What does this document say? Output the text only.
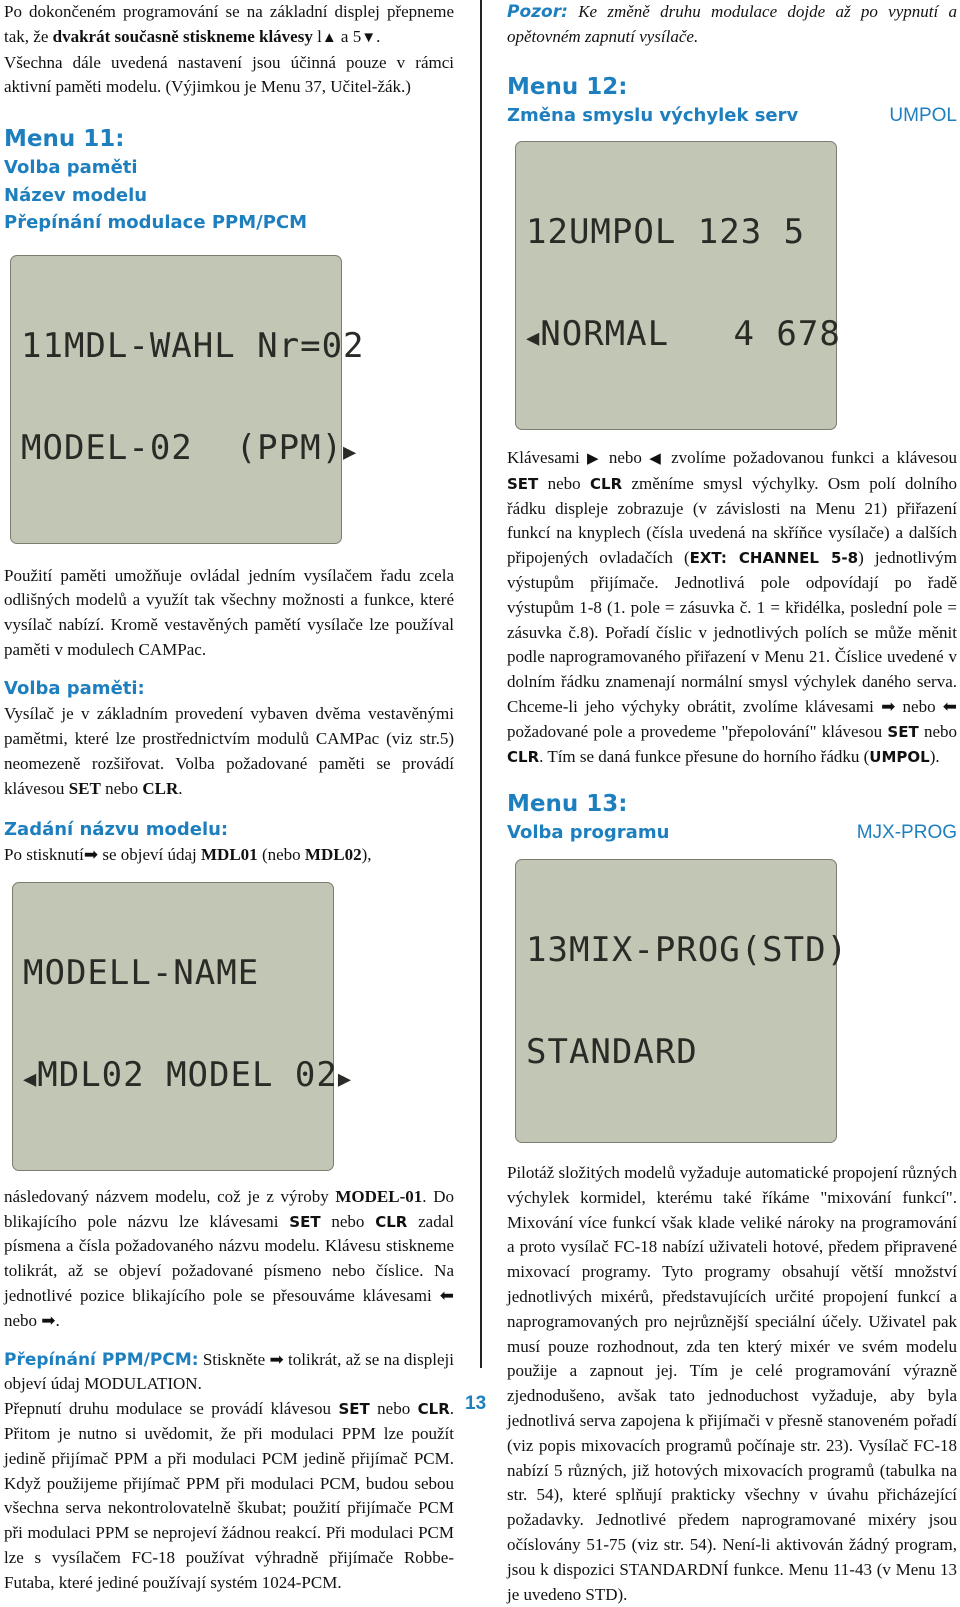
Po dokončeném programování se na základní displej přepneme tak, že dvakrát současně stiskneme klávesy l▲ a 5▼.

Všechna dále uvedená nastavení jsou účinná pouze v rámci aktivní paměti modelu. (Výjimkou je Menu 37, Učitel-žák.)

Menu 11:
Volba paměti
Název modelu
Přepínání modulace PPM/PCM

11MDL-WAHL Nr=02

MODEL-02  (PPM)▶

Použití paměti umožňuje ovládal jedním vysílačem řadu zcela odlišných modelů a využít tak všechny možnosti a funkce, které vysílač nabízí. Kromě vestavěných pamětí vysílače lze používal paměti v modulech CAMPac.

Volba paměti:

Vysílač je v základním provedení vybaven dvěma vestavěnými pamětmi, které lze prostřednictvím modulů CAMPac (viz str.5) neomezeně rozšiřovat. Volba požadované paměti se provádí klávesou SET nebo CLR.

Zadání názvu modelu:

Po stisknutí➡ se objeví údaj MDL01 (nebo MDL02),

MODELL-NAME

◀MDL02 MODEL 02▶

následovaný názvem modelu, což je z výroby MODEL-01. Do blikajícího pole názvu lze klávesami SET nebo CLR zadal písmena a čísla požadovaného názvu modelu. Klávesu stiskneme tolikrát, až se objeví požadované písmeno nebo číslice. Na jednotlivé pozice blikajícího pole se přesouváme klávesami ⬅ nebo ➡.

Přepínání PPM/PCM: Stiskněte ➡ tolikrát, až se na displeji objeví údaj MODULATION.

Přepnutí druhu modulace se provádí klávesou SET nebo CLR. Přitom je nutno si uvědomit, že při modulaci PPM lze použít jedině přijímač PPM a při modulaci PCM jedině přijímač PCM. Když použijeme přijímač PPM při modulaci PCM, budou sebou všechna serva nekontrolovatelně škubat; použití přijímače PCM při modulaci PPM se neprojeví žádnou reakcí. Při modulaci PCM lze s vysílačem FC-18 používat výhradně přijímače Robbe-Futaba, které jediné používají systém 1024-PCM.

Pozor: Ke změně druhu modulace dojde až po vypnutí a opětovném zapnutí vysílače.

Menu 12:
Změna smyslu výchylek serv	UMPOL

12UMPOL 123 5

◀NORMAL   4 678

Klávesami ▶ nebo ◀ zvolíme požadovanou funkci a klávesou SET nebo CLR změníme smysl výchylky. Osm polí dolního řádku displeje zobrazuje (v závislosti na Menu 21) přiřazení funkcí na knyplech (čísla uvedená na skříňce vysílače) a dalších připojených ovladačích (EXT: CHANNEL 5-8) jednotlivým výstupům přijímače. Jednotlivá pole odpovídají po řadě výstupům 1-8 (1. pole = zásuvka č. 1 = křidélka, poslední pole = zásuvka č.8). Pořadí číslic v jednotlivých polích se může měnit podle naprogramovaného přiřazení v Menu 21. Číslice uvedené v dolním řádku znamenají normální smysl výchylek daného serva. Chceme-li jeho výchyky obrátit, zvolíme klávesami ➡ nebo ⬅ požadované pole a provedeme "přepolování" klávesou SET nebo CLR. Tím se daná funkce přesune do horního řádku (UMPOL).

Menu 13:
Volba programu	MJX-PROG

13MIX-PROG(STD)

STANDARD

Pilotáž složitých modelů vyžaduje automatické propojení různých výchylek kormidel, kterému také říkáme "mixování funkcí". Mixování více funkcí však klade veliké nároky na programování a proto vysílač FC-18 nabízí uživateli hotové, předem připravené mixovací programy. Tyto programy obsahují větší množství jednotlivých mixérů, představujících určité propojení funkcí a naprogramovaných pro nejrůznější speciální účely. Uživatel pak musí pouze rozhodnout, zda ten který mixér ve svém modelu použije a zapnout jej. Tím je celé programování výrazně zjednodušeno, avšak tato jednoduchost vyžaduje, aby byla jednotlivá serva zapojena k přijímači v přesně stanoveném pořadí (viz popis mixovacích programů počínaje str. 23). Vysílač FC-18 nabízí 5 různých, již hotových mixovacích programů (tabulka na str. 54), které splňují prakticky všechny v úvahu přicházející požadavky. Jednotlivé předem naprogramované mixéry jsou očíslovány 51-75 (viz str. 54). Není-li aktivován žádný program, jsou k dispozici STANDARDNÍ funkce. Menu 11-43 (v Menu 13 je uvedeno STD).

13
